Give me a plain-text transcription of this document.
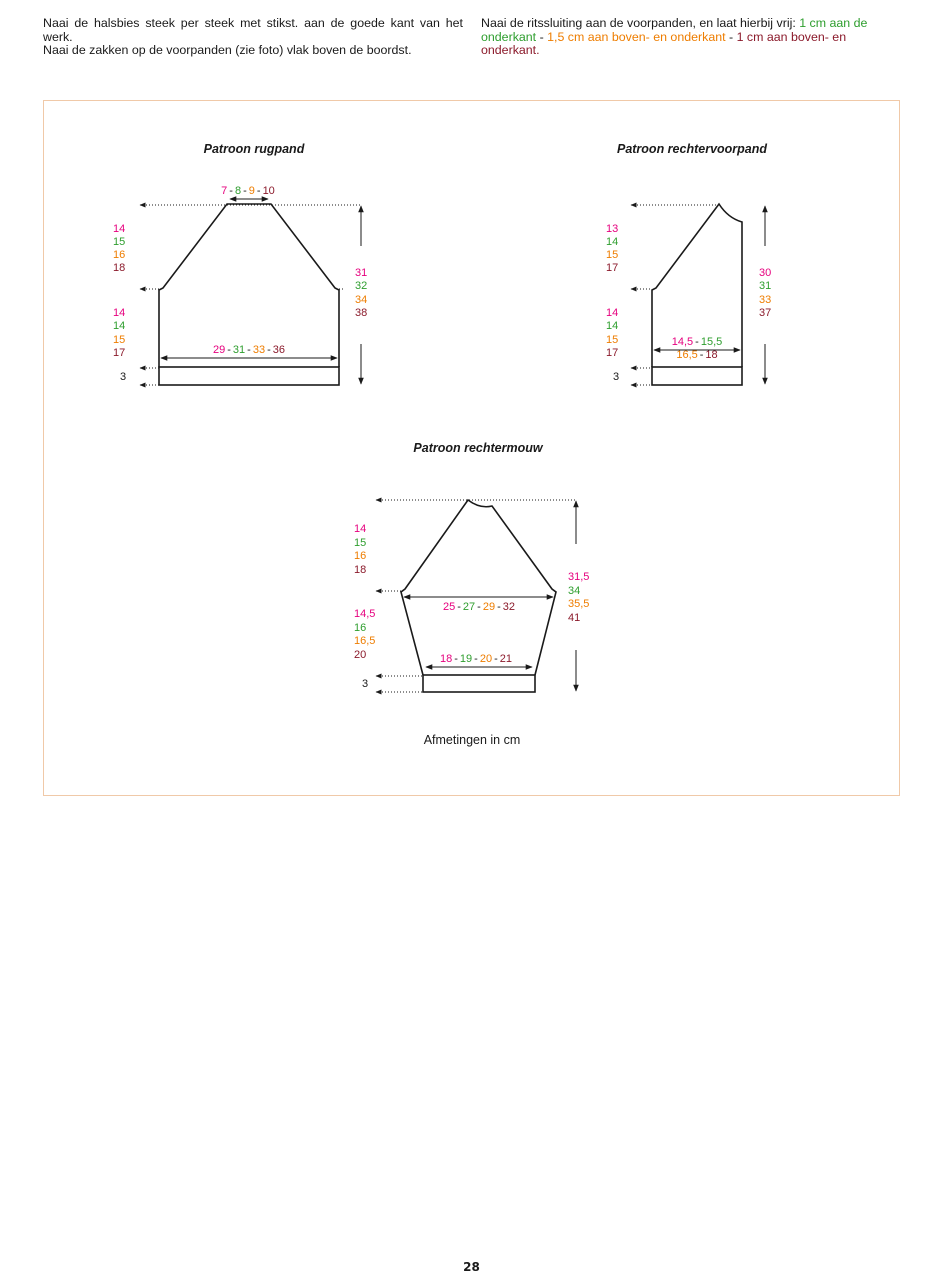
Naai de halsbies steek per steek met stikst. aan de goede kant van het werk.

Naai de zakken op de voorpanden (zie foto) vlak boven de boordst.

Naai de ritssluiting aan de voorpanden, en laat hierbij vrij: 1 cm aan de onderkant - 1,5 cm aan boven- en onderkant - 1 cm aan boven- en onderkant.
Patroon rugpand
7 - 8 - 9 - 10
14
15
16
18
14
14
15
17
3
29 - 31 - 33 - 36
31
32
34
38
Patroon rechtervoorpand
13
14
15
17
14
14
15
17
3
14,5 - 15,5
16,5 - 18
30
31
33
37
Patroon rechtermouw
14
15
16
18
14,5
16
16,5
20
3
25 - 27 - 29 - 32
18 - 19 - 20 - 21
31,5
34
35,5
41
Afmetingen in cm
28
